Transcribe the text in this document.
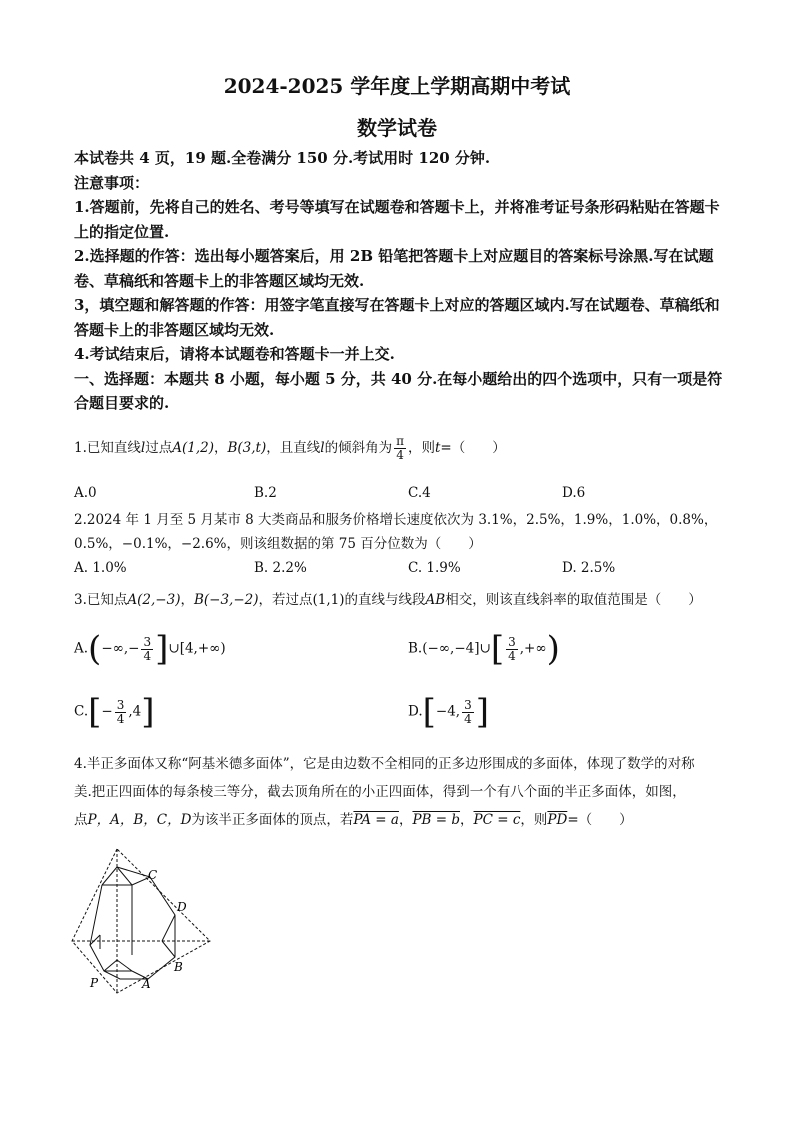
2024-2025 学年度上学期高期中考试
数学试卷

本试卷共 4 页，19 题.全卷满分 150 分.考试用时 120 分钟.

注意事项：

1.答题前，先将自己的姓名、考号等填写在试题卷和答题卡上，并将准考证号条形码粘贴在答题卡上的指定位置.

2.选择题的作答：选出每小题答案后，用 2B 铅笔把答题卡上对应题目的答案标号涂黑.写在试题卷、草稿纸和答题卡上的非答题区域均无效.

3，填空题和解答题的作答：用签字笔直接写在答题卡上对应的答题区域内.写在试题卷、草稿纸和答题卡上的非答题区域均无效.

4.考试结束后，请将本试题卷和答题卡一并上交.

一、选择题：本题共 8 小题，每小题 5 分，共 40 分.在每小题给出的四个选项中，只有一项是符合题目要求的.

1.已知直线l过点A(1,2)，B(3,t)，且直线l的倾斜角为 $\frac{\pi}{4}$ ，则t=（　　）
A.0	B.2	C.4	D.6
2.2024 年 1 月至 5 月某市 8 大类商品和服务价格增长速度依次为 3.1%，2.5%，1.9%，1.0%，0.8%，0.5%，−0.1%，−2.6%，则该组数据的第 75 百分位数为（　　）
A. 1.0%	B. 2.2%	C. 1.9%	D. 2.5%
3.已知点A(2,−3)，B(−3,−2)，若过点(1,1)的直线与线段AB相交，则该直线斜率的取值范围是（　　）
$A.(-\infty,- \frac{3}{4}$ ]∪[4,+∞)	B.(−∞,−4]∪[ $\frac{3}{4}$ ,+∞)
$C.[- \frac{3}{4} ,4]$	D.[−4, $\frac{3}{4}$ ]
4.半正多面体又称“阿基米德多面体”，它是由边数不全相同的正多边形围成的多面体，体现了数学的对称
美.把正四面体的每条棱三等分，截去顶角所在的小正四面体，得到一个有八个面的半正多面体，如图，
点P，A，B，C，D为该半正多面体的顶点，若PA = a，PB = b，PC = c，则$\overline{PD}=$（　　）
C
D
B
A
P
